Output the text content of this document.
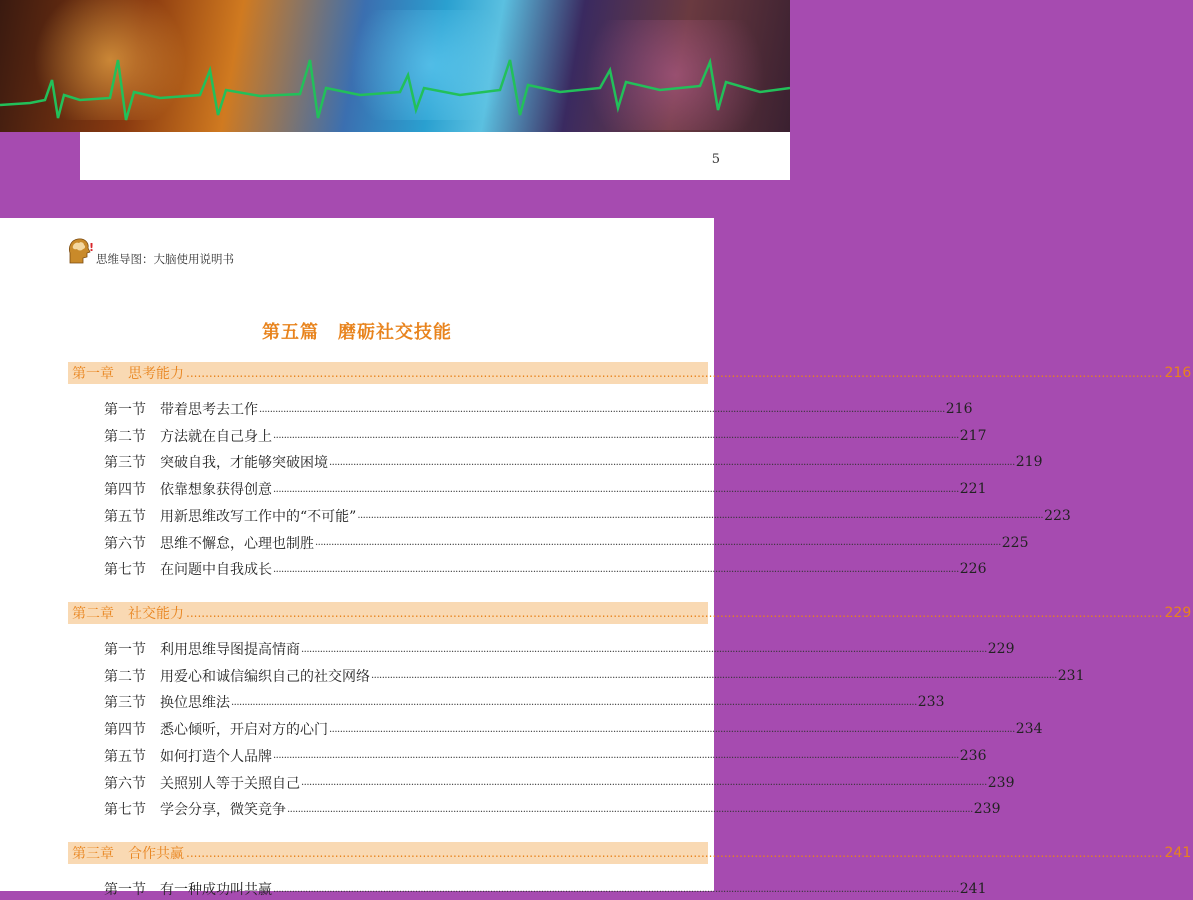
5
!
思维导图：大脑使用说明书
第五篇　磨砺社交技能
第一章　思考能力 ................................................................................................................................................................................................................................................................ 216
第一节　带着思考去工作 ................................................................................................................................................................................................................................................................ 216
第二节　方法就在自己身上 ................................................................................................................................................................................................................................................................ 217
第三节　突破自我，才能够突破困境 ................................................................................................................................................................................................................................................................ 219
第四节　依靠想象获得创意 ................................................................................................................................................................................................................................................................ 221
第五节　用新思维改写工作中的“不可能” ................................................................................................................................................................................................................................................................ 223
第六节　思维不懈怠，心理也制胜 ................................................................................................................................................................................................................................................................ 225
第七节　在问题中自我成长 ................................................................................................................................................................................................................................................................ 226
第二章　社交能力 ................................................................................................................................................................................................................................................................ 229
第一节　利用思维导图提高情商 ................................................................................................................................................................................................................................................................ 229
第二节　用爱心和诚信编织自己的社交网络 ................................................................................................................................................................................................................................................................ 231
第三节　换位思维法 ................................................................................................................................................................................................................................................................ 233
第四节　悉心倾听，开启对方的心门 ................................................................................................................................................................................................................................................................ 234
第五节　如何打造个人品牌 ................................................................................................................................................................................................................................................................ 236
第六节　关照别人等于关照自己 ................................................................................................................................................................................................................................................................ 239
第七节　学会分享，微笑竞争 ................................................................................................................................................................................................................................................................ 239
第三章　合作共赢 ................................................................................................................................................................................................................................................................ 241
第一节　有一种成功叫共赢 ................................................................................................................................................................................................................................................................ 241
